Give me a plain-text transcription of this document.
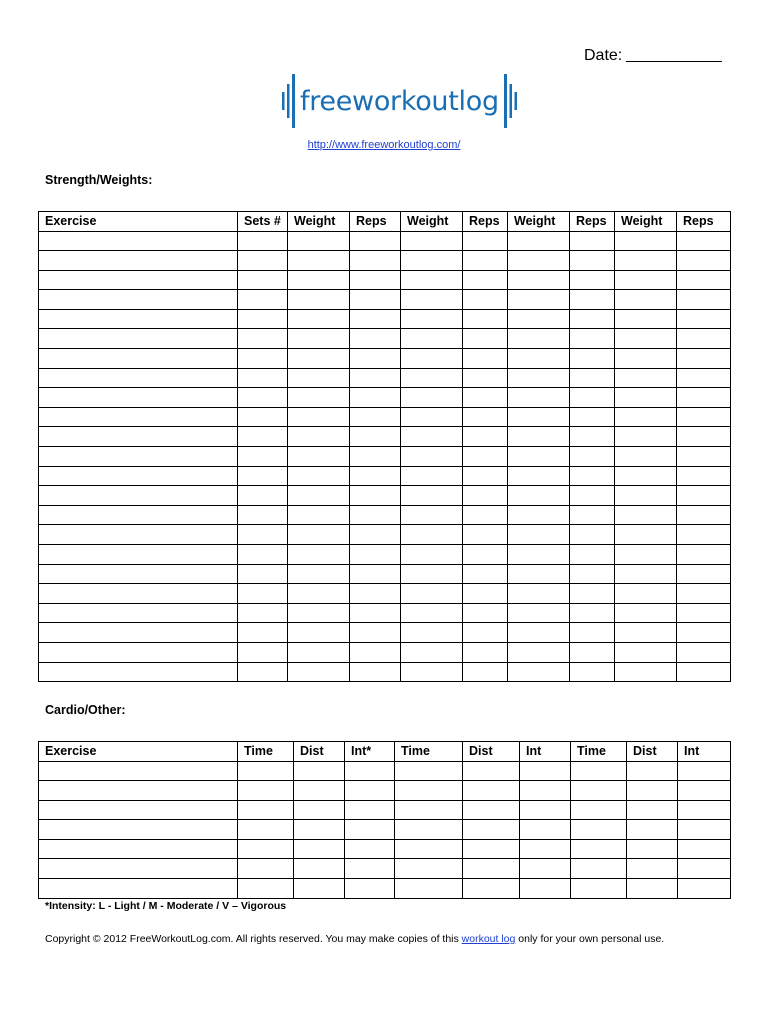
Date:
freeworkoutlog
http://www.freeworkoutlog.com/
Strength/Weights:
Exercise	Sets #	Weight	Reps	Weight	Reps	Weight	Reps	Weight	Reps

Cardio/Other:
Exercise	Time	Dist	Int*	Time	Dist	Int	Time	Dist	Int

*Intensity: L - Light / M - Moderate / V – Vigorous
Copyright © 2012 FreeWorkoutLog.com. All rights reserved. You may make copies of this workout log only for your own personal use.
